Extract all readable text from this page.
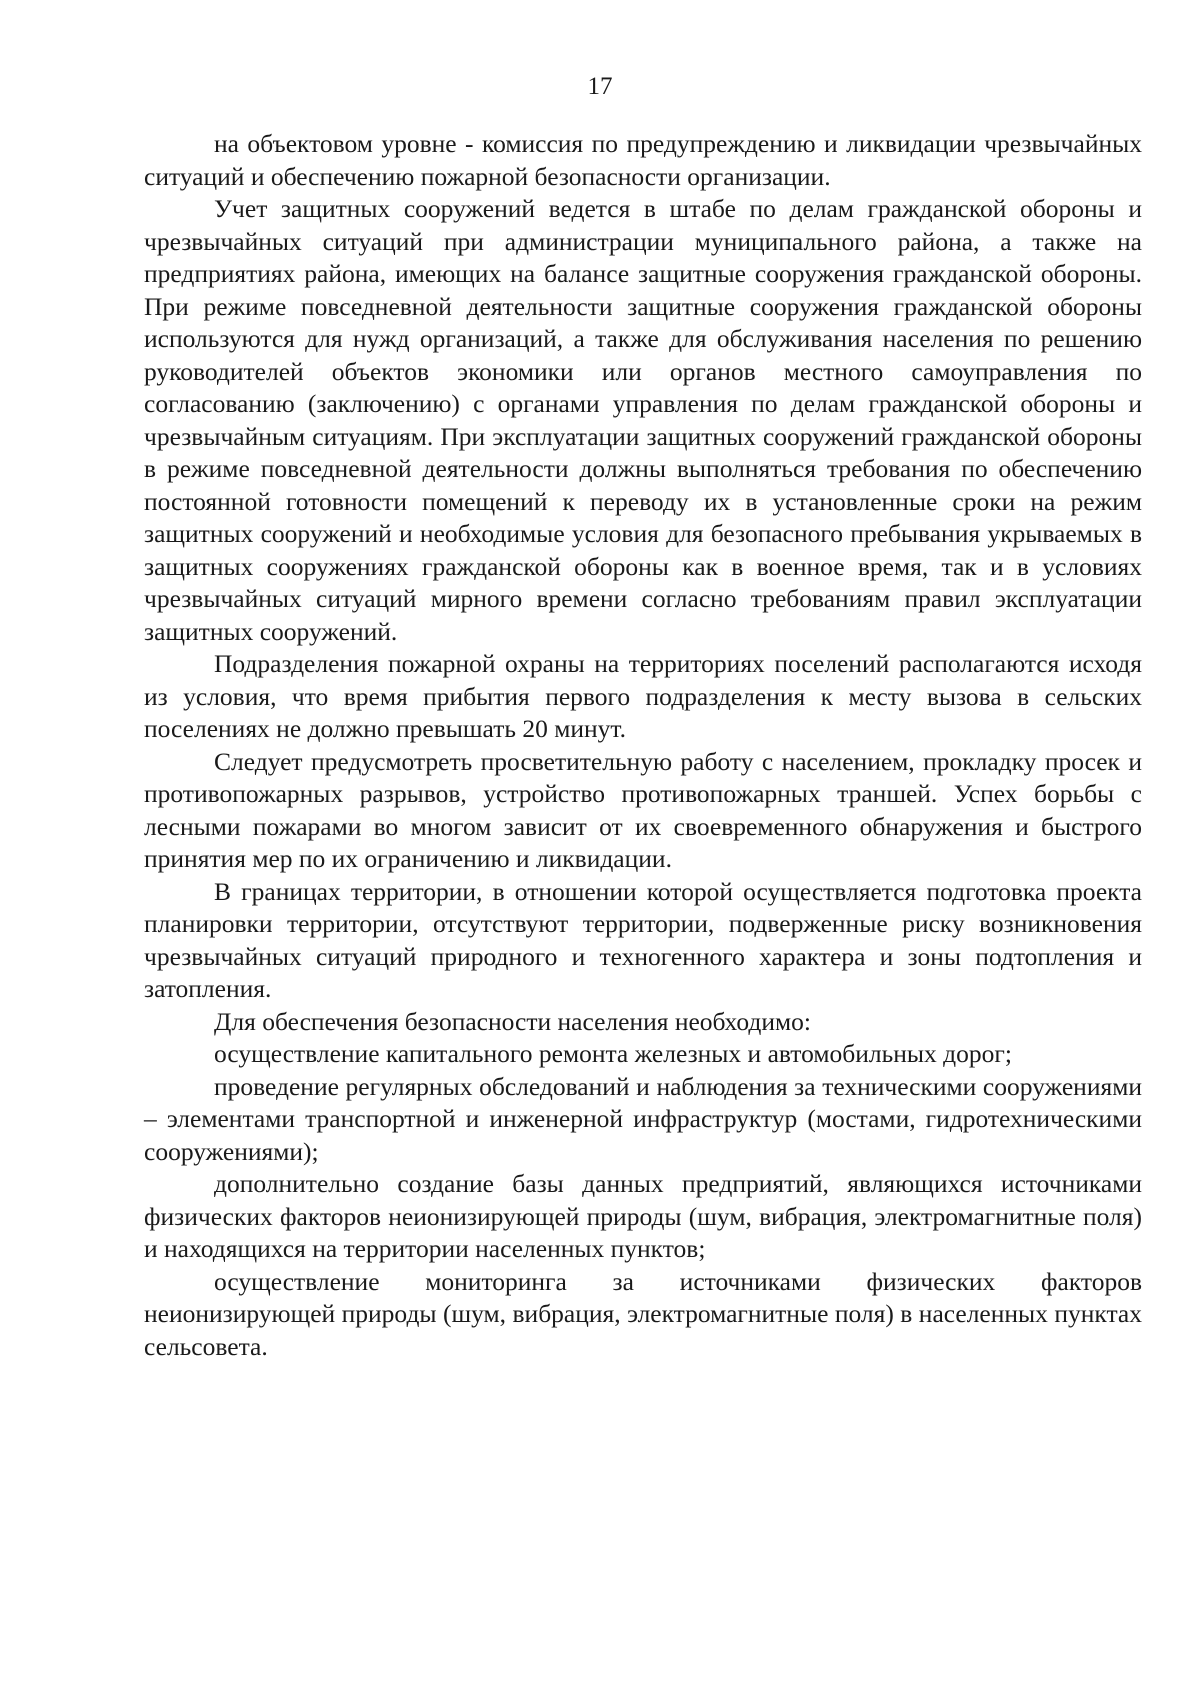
17

на объектовом уровне - комиссия по предупреждению и ликвидации чрезвычайных ситуаций и обеспечению пожарной безопасности организации.

Учет защитных сооружений ведется в штабе по делам гражданской обороны и чрезвычайных ситуаций при администрации муниципального района, а также на предприятиях района, имеющих на балансе защитные сооружения гражданской обороны. При режиме повседневной деятельности защитные сооружения гражданской обороны используются для нужд организаций, а также для обслуживания населения по решению руководителей объектов экономики или органов местного самоуправления по согласованию (заключению) с органами управления по делам гражданской обороны и чрезвычайным ситуациям. При эксплуатации защитных сооружений гражданской обороны в режиме повседневной деятельности должны выполняться требования по обеспечению постоянной готовности помещений к переводу их в установленные сроки на режим защитных сооружений и необходимые условия для безопасного пребывания укрываемых в защитных сооружениях гражданской обороны как в военное время, так и в условиях чрезвычайных ситуаций мирного времени согласно требованиям правил эксплуатации защитных сооружений.

Подразделения пожарной охраны на территориях поселений располагаются исходя из условия, что время прибытия первого подразделения к месту вызова в сельских поселениях не должно превышать 20 минут.

Следует предусмотреть просветительную работу с населением, прокладку просек и противопожарных разрывов, устройство противопожарных траншей. Успех борьбы с лесными пожарами во многом зависит от их своевременного обнаружения и быстрого принятия мер по их ограничению и ликвидации.

В границах территории, в отношении которой осуществляется подготовка проекта планировки территории, отсутствуют территории, подверженные риску возникновения чрезвычайных ситуаций природного и техногенного характера и зоны подтопления и затопления.

Для обеспечения безопасности населения необходимо:

осуществление капитального ремонта железных и автомобильных дорог;

проведение регулярных обследований и наблюдения за техническими сооружениями – элементами транспортной и инженерной инфраструктур (мостами, гидротехническими сооружениями);

дополнительно создание базы данных предприятий, являющихся источниками физических факторов неионизирующей природы (шум, вибрация, электромагнитные поля) и находящихся на территории населенных пунктов;

осуществление мониторинга за источниками физических факторов неионизирующей природы (шум, вибрация, электромагнитные поля) в населенных пунктах сельсовета.
